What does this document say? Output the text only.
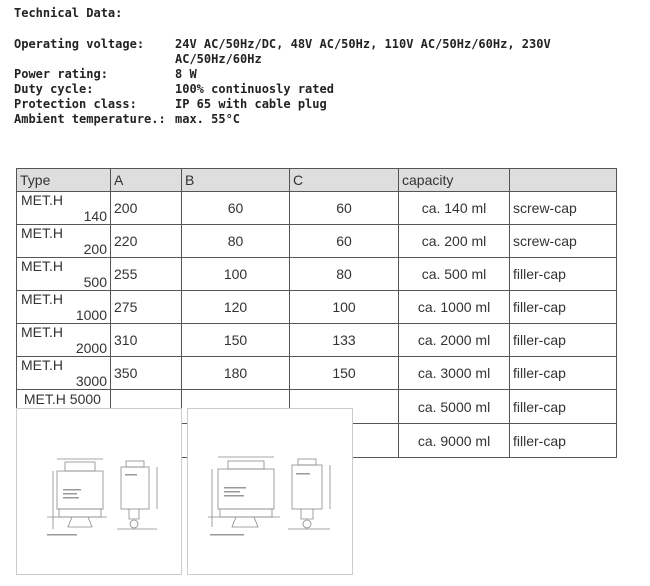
Technical Data:
Operating voltage:	24V AC/50Hz/DC, 48V AC/50Hz, 110V AC/50Hz/60Hz, 230V AC/50Hz/60Hz
Power rating:	8 W
Duty cycle:	100% continuosly rated
Protection class:	IP 65 with cable plug
Ambient temperature.: max. 55°C
Type	A	B	C	capacity	
MET.H140	200	60	60	ca. 140 ml	screw-cap
MET.H200	220	80	60	ca. 200 ml	screw-cap
MET.H500	255	100	80	ca. 500 ml	filler-cap
MET.H1000	275	120	100	ca. 1000 ml	filler-cap
MET.H2000	310	150	133	ca. 2000 ml	filler-cap
MET.H3000	350	180	150	ca. 3000 ml	filler-cap
MET.H 5000				ca. 5000 ml	filler-cap

				ca. 9000 ml	filler-cap
